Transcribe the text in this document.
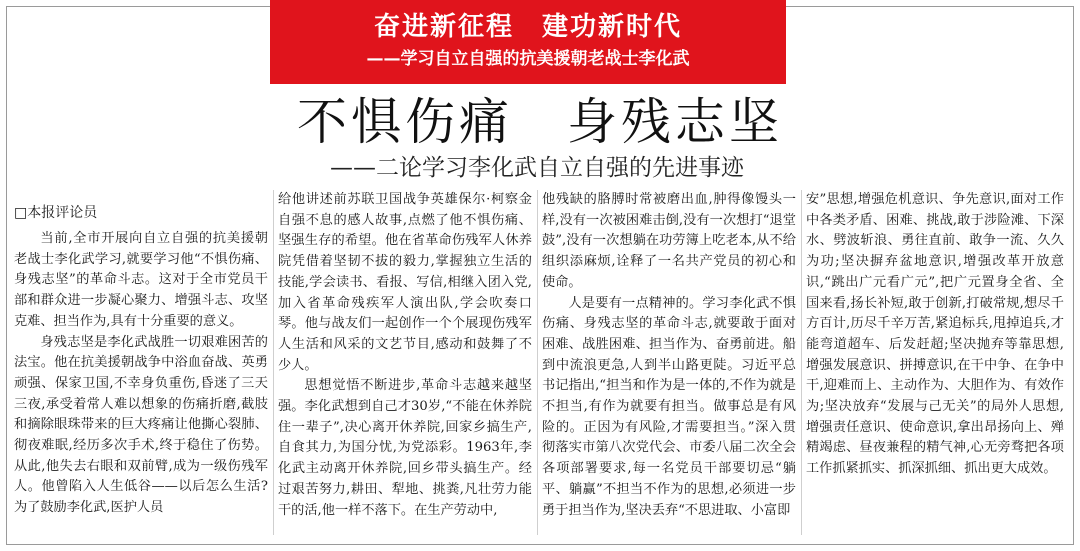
奋进新征程　建功新时代
——学习自立自强的抗美援朝老战士李化武
不惧伤痛　身残志坚
——二论学习李化武自立自强的先进事迹
□本报评论员

当前,全市开展向自立自强的抗美援朝老战士李化武学习,就要学习他“不惧伤痛、身残志坚”的革命斗志。这对于全市党员干部和群众进一步凝心聚力、增强斗志、攻坚克难、担当作为,具有十分重要的意义。

身残志坚是李化武战胜一切艰难困苦的法宝。他在抗美援朝战争中浴血奋战、英勇顽强、保家卫国,不幸身负重伤,昏迷了三天三夜,承受着常人难以想象的伤痛折磨,截肢和摘除眼珠带来的巨大疼痛让他撕心裂肺、彻夜难眠,经历多次手术,终于稳住了伤势。从此,他失去右眼和双前臂,成为一级伤残军人。他曾陷入人生低谷——以后怎么生活?为了鼓励李化武,医护人员

给他讲述前苏联卫国战争英雄保尔·柯察金自强不息的感人故事,点燃了他不惧伤痛、坚强生存的希望。他在省革命伤残军人休养院凭借着坚韧不拔的毅力,掌握独立生活的技能,学会读书、看报、写信,相继入团入党,加入省革命残疾军人演出队,学会吹奏口琴。他与战友们一起创作一个个展现伤残军人生活和风采的文艺节目,感动和鼓舞了不少人。

思想觉悟不断进步,革命斗志越来越坚强。李化武想到自己才30岁,“不能在休养院住一辈子”,决心离开休养院,回家乡搞生产,自食其力,为国分忧,为党添彩。1963年,李化武主动离开休养院,回乡带头搞生产。经过艰苦努力,耕田、犁地、挑粪,凡壮劳力能干的活,他一样不落下。在生产劳动中,

他残缺的胳膊时常被磨出血,肿得像馒头一样,没有一次被困难击倒,没有一次想打“退堂鼓”,没有一次想躺在功劳簿上吃老本,从不给组织添麻烦,诠释了一名共产党员的初心和使命。

人是要有一点精神的。学习李化武不惧伤痛、身残志坚的革命斗志,就要敢于面对困难、战胜困难、担当作为、奋勇前进。船到中流浪更急,人到半山路更陡。习近平总书记指出,“担当和作为是一体的,不作为就是不担当,有作为就要有担当。做事总是有风险的。正因为有风险,才需要担当。”深入贯彻落实市第八次党代会、市委八届二次全会各项部署要求,每一名党员干部要切忌“躺平、躺赢”不担当不作为的思想,必须进一步勇于担当作为,坚决丢弃“不思进取、小富即

安”思想,增强危机意识、争先意识,面对工作中各类矛盾、困难、挑战,敢于涉险滩、下深水、劈波斩浪、勇往直前、敢争一流、久久为功;坚决摒弃盆地意识,增强改革开放意识,“跳出广元看广元”,把广元置身全省、全国来看,扬长补短,敢于创新,打破常规,想尽千方百计,历尽千辛万苦,紧追标兵,甩掉追兵,才能弯道超车、后发赶超;坚决抛弃等靠思想,增强发展意识、拼搏意识,在干中争、在争中干,迎难而上、主动作为、大胆作为、有效作为;坚决放弃“发展与己无关”的局外人思想,增强责任意识、使命意识,拿出昂扬向上、殚精竭虑、昼夜兼程的精气神,心无旁骛把各项工作抓紧抓实、抓深抓细、抓出更大成效。
